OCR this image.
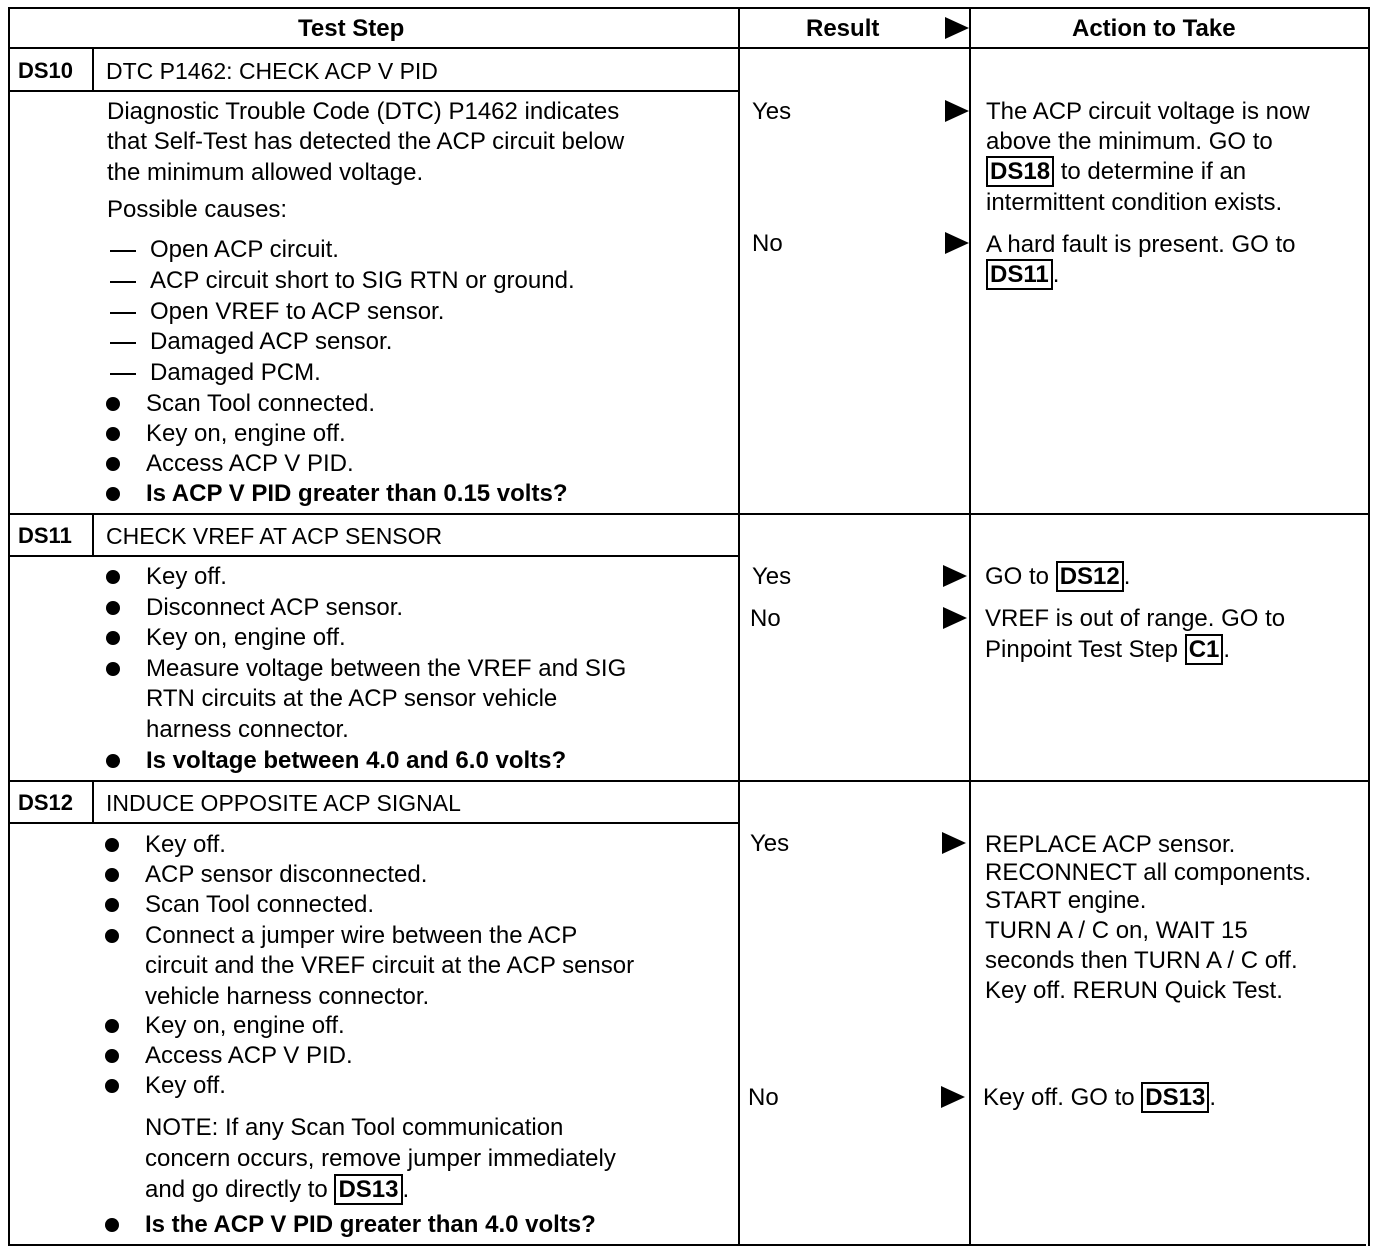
Test Step	Result	Action to Take
DS10 DTC P1462: CHECK ACP V PID
Diagnostic Trouble Code (DTC) P1462 indicates
that Self-Test has detected the ACP circuit below
the minimum allowed voltage.
Possible causes:
Open ACP circuit.
ACP circuit short to SIG RTN or ground.
Open VREF to ACP sensor.
Damaged ACP sensor.
Damaged PCM.
Scan Tool connected.
Key on, engine off.
Access ACP V PID.
Is ACP V PID greater than 0.15 volts?
Yes
No
The ACP circuit voltage is now
above the minimum. GO to
DS18 to determine if an
intermittent condition exists.
A hard fault is present. GO to
DS11 .
DS11 CHECK VREF AT ACP SENSOR
Key off.
Disconnect ACP sensor.
Key on, engine off.
Measure voltage between the VREF and SIG
RTN circuits at the ACP sensor vehicle
harness connector.
Is voltage between 4.0 and 6.0 volts?
Yes
No
GO to DS12 .
VREF is out of range. GO to
Pinpoint Test Step C1 .
DS12 INDUCE OPPOSITE ACP SIGNAL
Key off.
ACP sensor disconnected.
Scan Tool connected.
Connect a jumper wire between the ACP
circuit and the VREF circuit at the ACP sensor
vehicle harness connector.
Key on, engine off.
Access ACP V PID.
Key off.
NOTE: If any Scan Tool communication
concern occurs, remove jumper immediately
and go directly to DS13 .
Is the ACP V PID greater than 4.0 volts?
Yes
No
REPLACE ACP sensor.
RECONNECT all components.
START engine.
TURN A / C on, WAIT 15
seconds then TURN A / C off.
Key off. RERUN Quick Test.
Key off. GO to DS13 .
